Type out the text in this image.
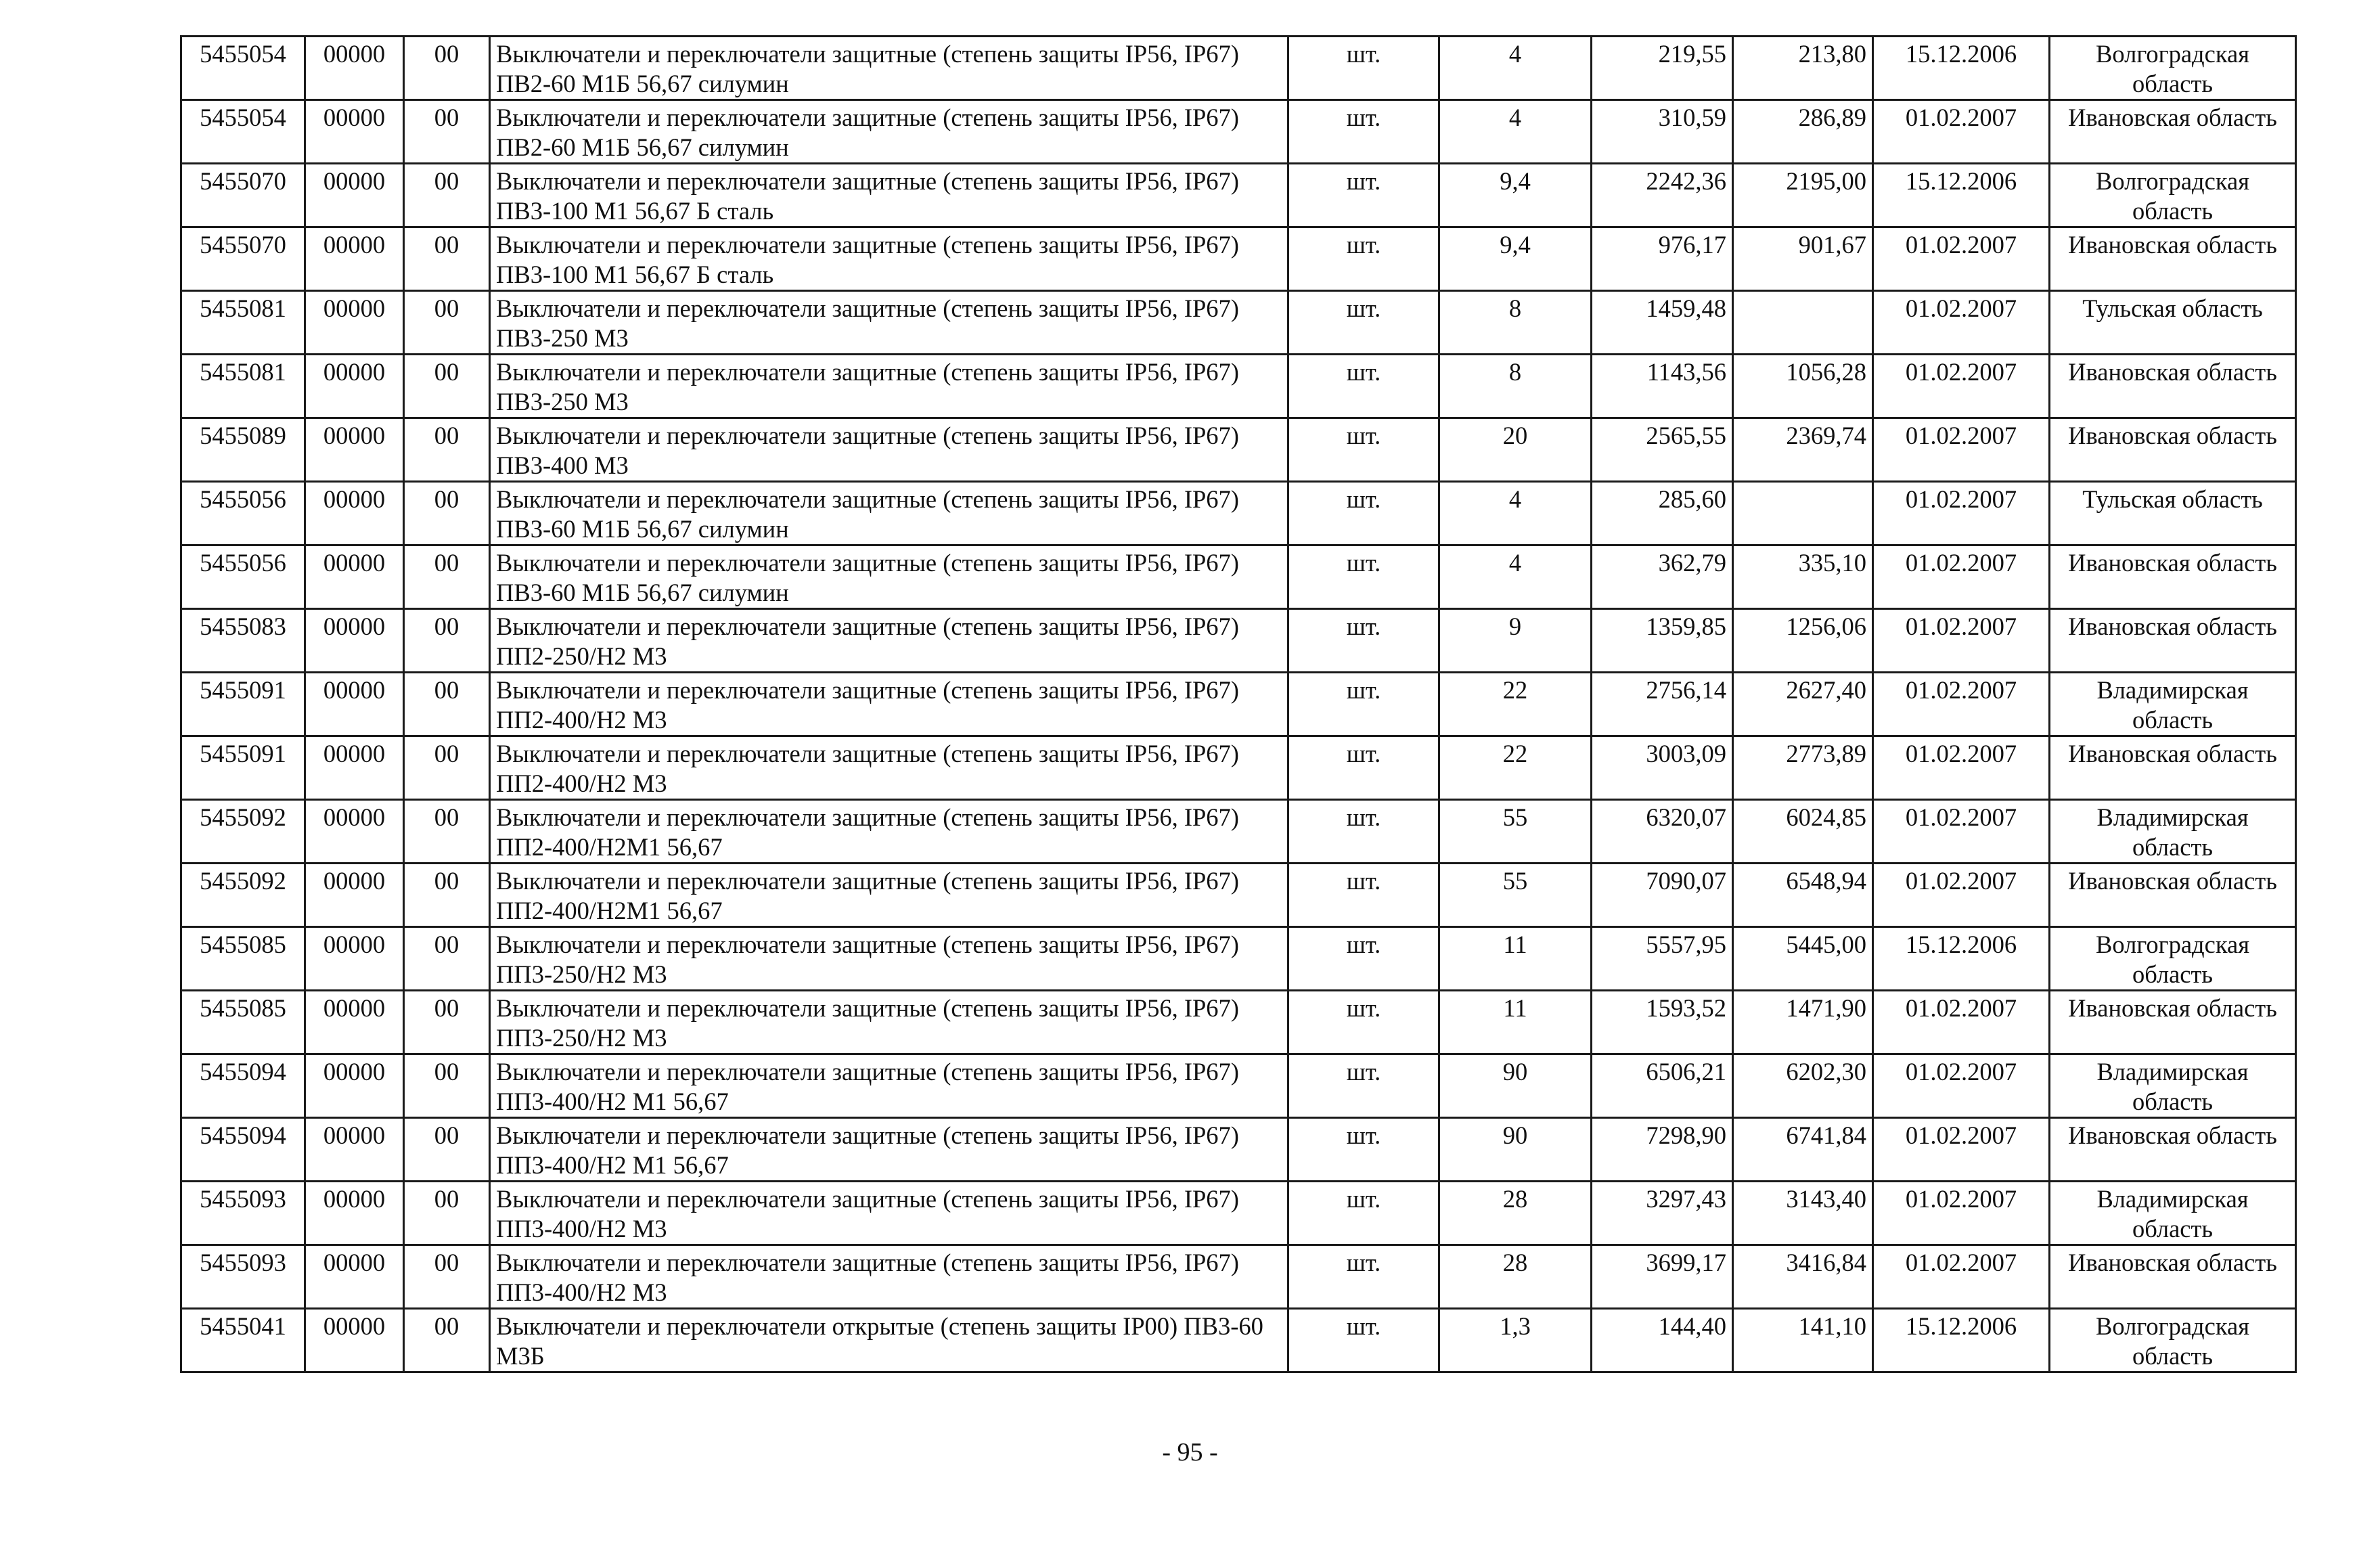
5455054	00000	00	Выключатели и переключатели защитные (степень защиты IP56, IP67) ПВ2-60 М1Б 56,67 силумин	шт.	4	219,55	213,80	15.12.2006	Волгоградская область
5455054	00000	00	Выключатели и переключатели защитные (степень защиты IP56, IP67) ПВ2-60 М1Б 56,67 силумин	шт.	4	310,59	286,89	01.02.2007	Ивановская область
5455070	00000	00	Выключатели и переключатели защитные (степень защиты IP56, IP67) ПВ3-100 М1 56,67 Б сталь	шт.	9,4	2242,36	2195,00	15.12.2006	Волгоградская область
5455070	00000	00	Выключатели и переключатели защитные (степень защиты IP56, IP67) ПВ3-100 М1 56,67 Б сталь	шт.	9,4	976,17	901,67	01.02.2007	Ивановская область
5455081	00000	00	Выключатели и переключатели защитные (степень защиты IP56, IP67) ПВ3-250 М3	шт.	8	1459,48		01.02.2007	Тульская область
5455081	00000	00	Выключатели и переключатели защитные (степень защиты IP56, IP67) ПВ3-250 М3	шт.	8	1143,56	1056,28	01.02.2007	Ивановская область
5455089	00000	00	Выключатели и переключатели защитные (степень защиты IP56, IP67) ПВ3-400 М3	шт.	20	2565,55	2369,74	01.02.2007	Ивановская область
5455056	00000	00	Выключатели и переключатели защитные (степень защиты IP56, IP67) ПВ3-60 М1Б 56,67 силумин	шт.	4	285,60		01.02.2007	Тульская область
5455056	00000	00	Выключатели и переключатели защитные (степень защиты IP56, IP67) ПВ3-60 М1Б 56,67 силумин	шт.	4	362,79	335,10	01.02.2007	Ивановская область
5455083	00000	00	Выключатели и переключатели защитные (степень защиты IP56, IP67) ПП2-250/Н2 М3	шт.	9	1359,85	1256,06	01.02.2007	Ивановская область
5455091	00000	00	Выключатели и переключатели защитные (степень защиты IP56, IP67) ПП2-400/Н2 М3	шт.	22	2756,14	2627,40	01.02.2007	Владимирская область
5455091	00000	00	Выключатели и переключатели защитные (степень защиты IP56, IP67) ПП2-400/Н2 М3	шт.	22	3003,09	2773,89	01.02.2007	Ивановская область
5455092	00000	00	Выключатели и переключатели защитные (степень защиты IP56, IP67) ПП2-400/Н2М1 56,67	шт.	55	6320,07	6024,85	01.02.2007	Владимирская область
5455092	00000	00	Выключатели и переключатели защитные (степень защиты IP56, IP67) ПП2-400/Н2М1 56,67	шт.	55	7090,07	6548,94	01.02.2007	Ивановская область
5455085	00000	00	Выключатели и переключатели защитные (степень защиты IP56, IP67) ПП3-250/Н2 М3	шт.	11	5557,95	5445,00	15.12.2006	Волгоградская область
5455085	00000	00	Выключатели и переключатели защитные (степень защиты IP56, IP67) ПП3-250/Н2 М3	шт.	11	1593,52	1471,90	01.02.2007	Ивановская область
5455094	00000	00	Выключатели и переключатели защитные (степень защиты IP56, IP67) ПП3-400/Н2 М1 56,67	шт.	90	6506,21	6202,30	01.02.2007	Владимирская область
5455094	00000	00	Выключатели и переключатели защитные (степень защиты IP56, IP67) ПП3-400/Н2 М1 56,67	шт.	90	7298,90	6741,84	01.02.2007	Ивановская область
5455093	00000	00	Выключатели и переключатели защитные (степень защиты IP56, IP67) ПП3-400/Н2 М3	шт.	28	3297,43	3143,40	01.02.2007	Владимирская область
5455093	00000	00	Выключатели и переключатели защитные (степень защиты IP56, IP67) ПП3-400/Н2 М3	шт.	28	3699,17	3416,84	01.02.2007	Ивановская область
5455041	00000	00	Выключатели и переключатели открытые (степень защиты IP00) ПВ3-60 М3Б	шт.	1,3	144,40	141,10	15.12.2006	Волгоградская область
- 95 -
